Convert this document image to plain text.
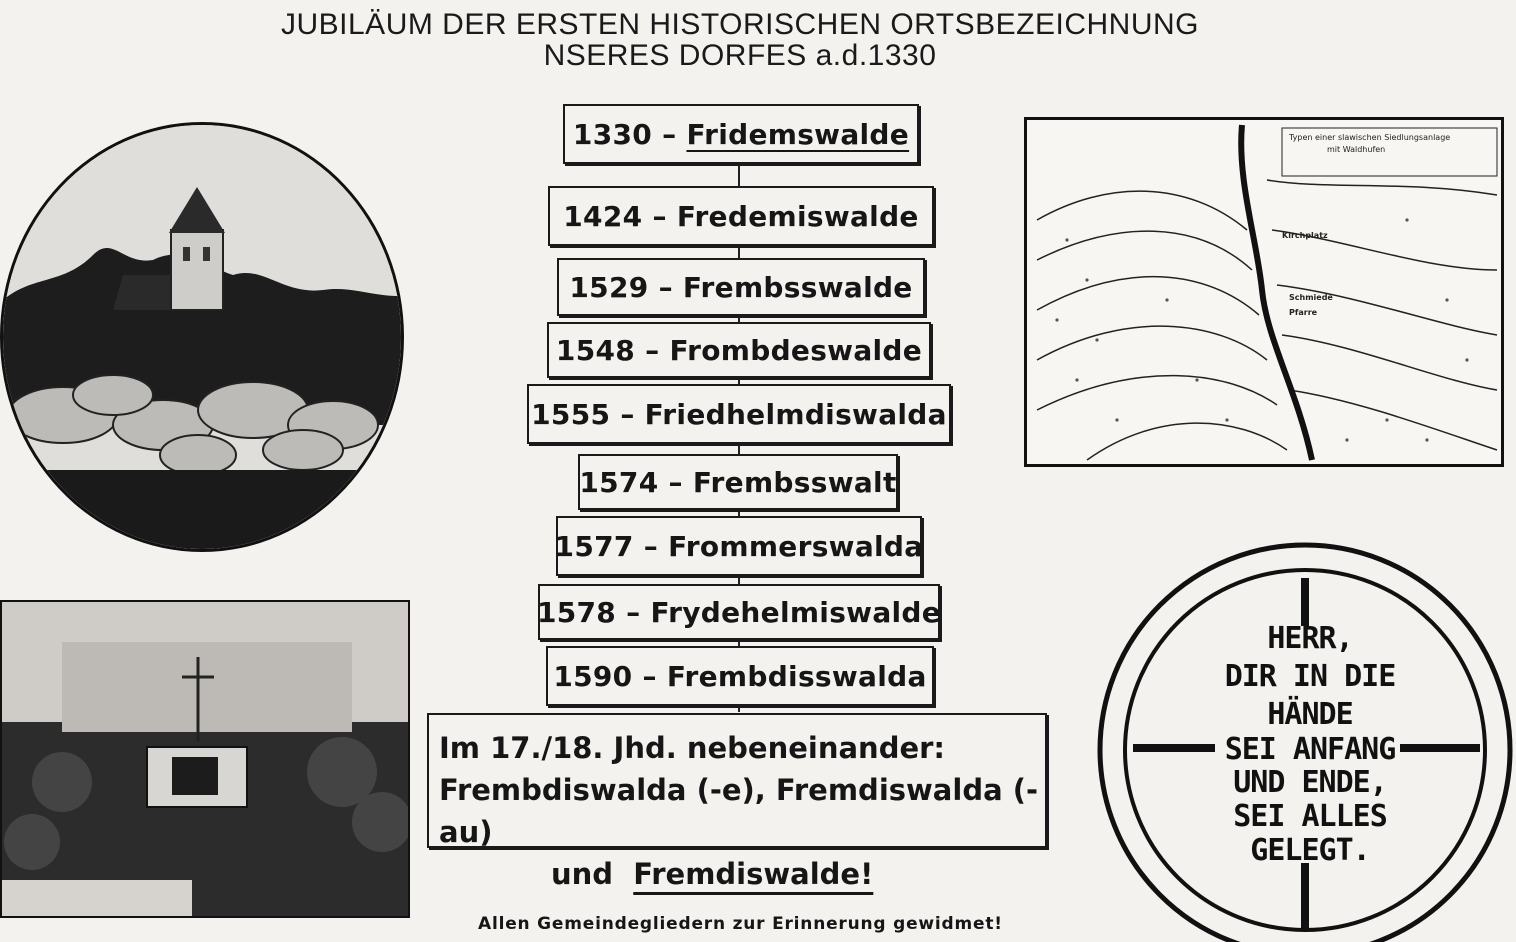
JUBILÄUM DER ERSTEN HISTORISCHEN ORTSBEZEICHNUNG
NSERES DORFES a.d.1330
1330 – Fridemswalde
1424 – Fredemiswalde
1529 – Frembsswalde
1548 – Frombdeswalde
1555 – Friedhelmdiswalda
1574 – Frembsswalt
1577 – Frommerswalda
1578 – Frydehelmiswalde
1590 – Frembdisswalda
Im 17./18. Jhd. nebeneinander:
Frembdiswalda (-e), Fremdiswalda (-au)
und Fremdiswalde!
Allen Gemeindegliedern zur Erinnerung gewidmet!
Typen einer slawischen Siedlungsanlage
mit Waldhufen
Kirchplatz
Schmiede
Pfarre
HERR,
DIR IN DIE
HÄNDE
SEI ANFANG
UND ENDE,
SEI ALLES
GELEGT.
